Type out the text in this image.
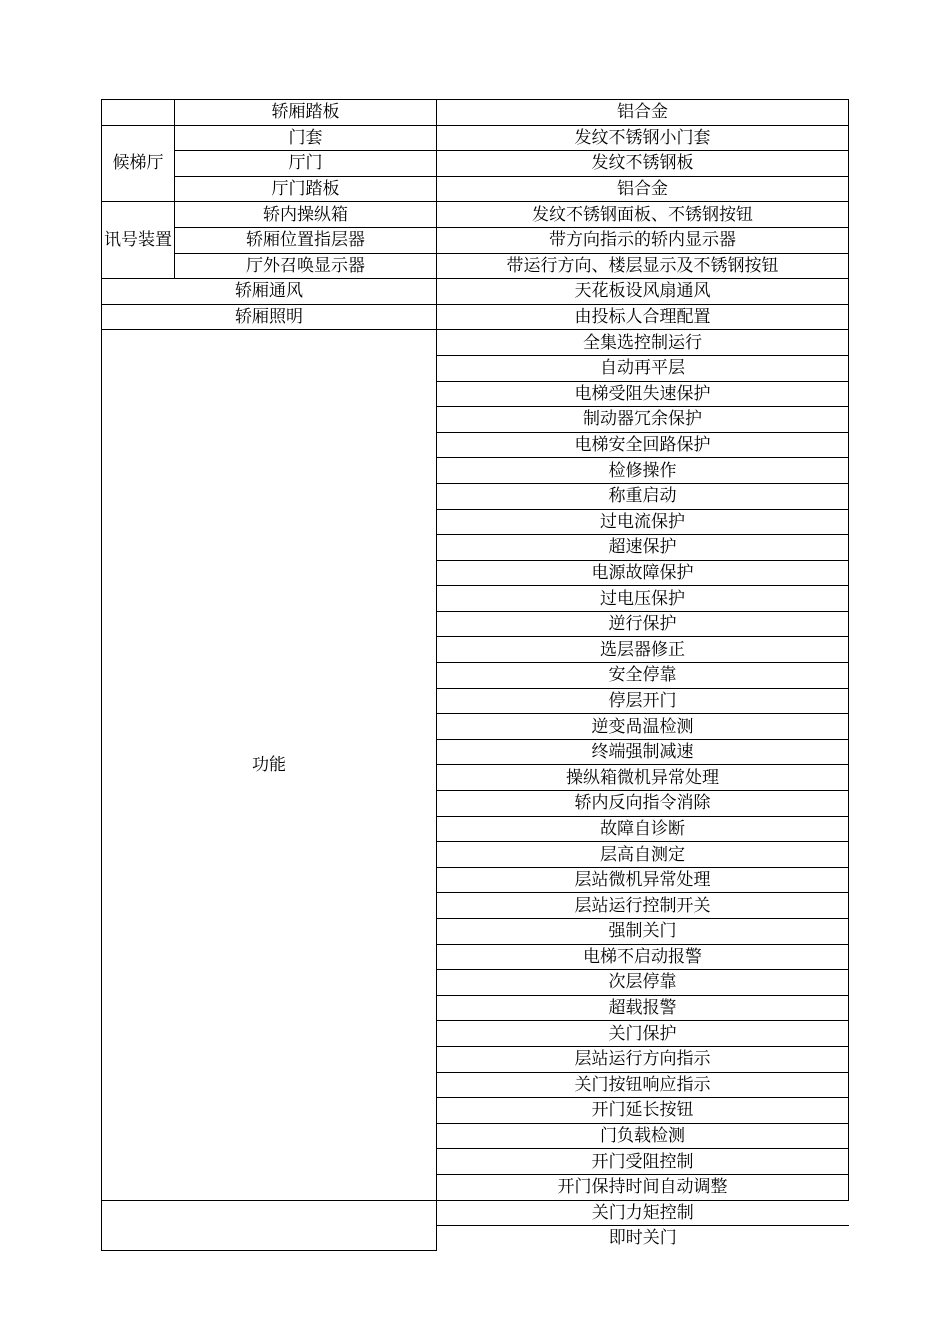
	轿厢踏板	铝合金
候梯厅	门套	发纹不锈钢小门套
	厅门	发纹不锈钢板
	厅门踏板	铝合金
讯号装置	轿内操纵箱	发纹不锈钢面板、不锈钢按钮
	轿厢位置指层器	带方向指示的轿内显示器
	厅外召唤显示器	带运行方向、楼层显示及不锈钢按钮
轿厢通风		天花板设风扇通风
轿厢照明		由投标人合理配置
功能		全集选控制运行
		自动再平层
		电梯受阻失速保护
		制动器冗余保护
		电梯安全回路保护
		检修操作
		称重启动
		过电流保护
		超速保护
		电源故障保护
		过电压保护
		逆行保护
		选层器修正
		安全停靠
		停层开门
		逆变咼温检测
		终端强制减速
		操纵箱微机异常处理
		轿内反向指令消除
		故障自诊断
		层高自测定
		层站微机异常处理
		层站运行控制开关
		强制关门
		电梯不启动报警
		次层停靠
		超载报警
		关门保护
		层站运行方向指示
		关门按钮响应指示
		开门延长按钮
		门负载检测
		开门受阻控制
		开门保持时间自动调整
		关门力矩控制
		即时关门
